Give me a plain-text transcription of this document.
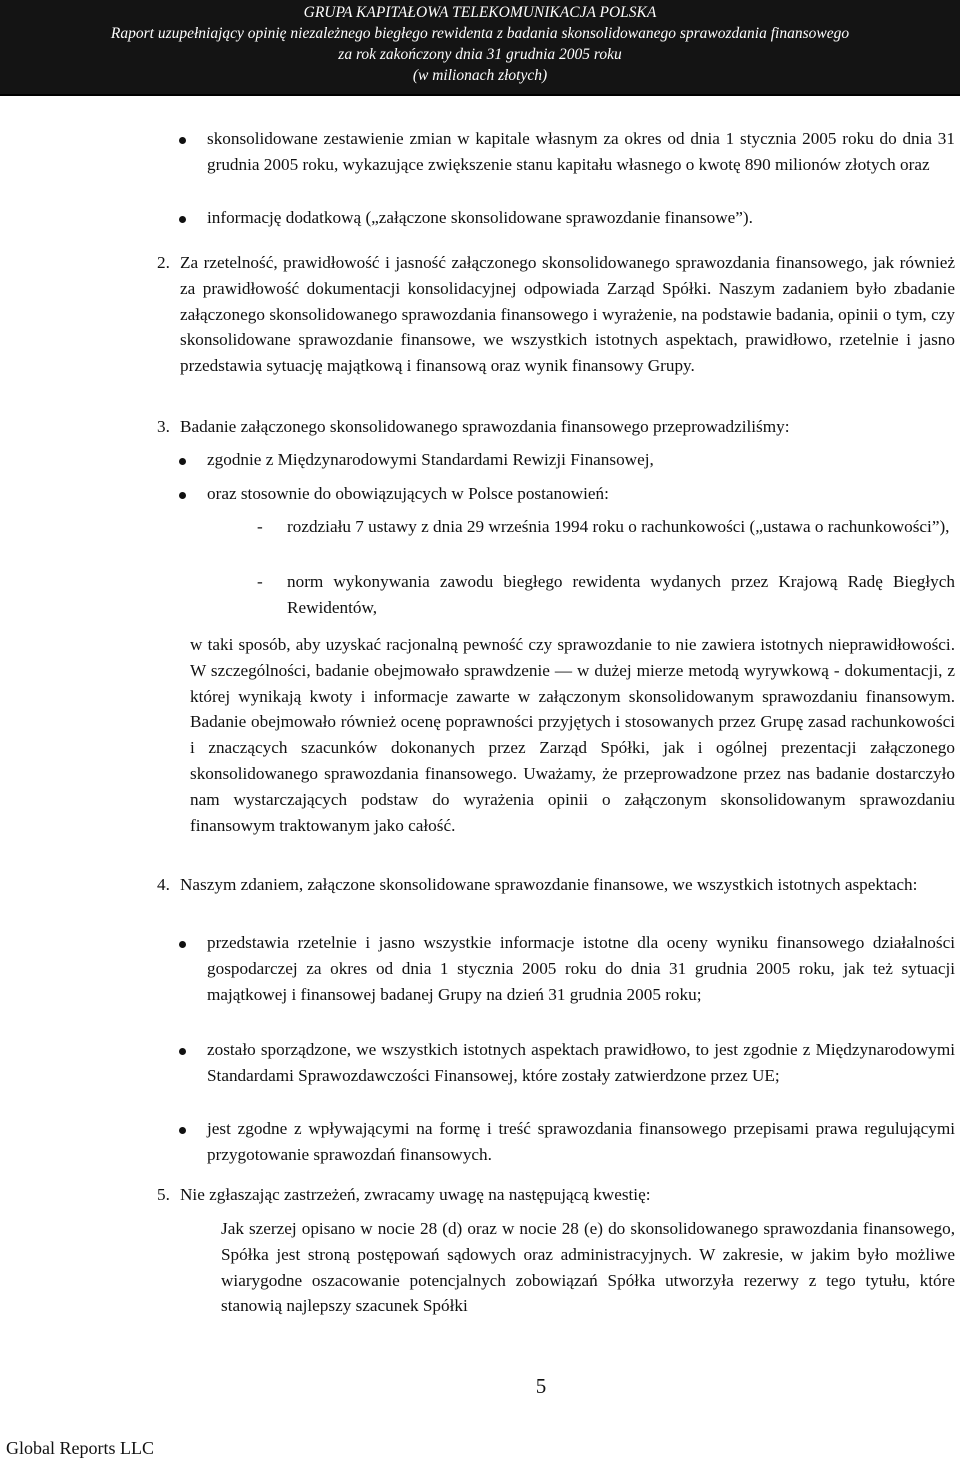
GRUPA KAPITAŁOWA TELEKOMUNIKACJA POLSKA
Raport uzupełniający opinię niezależnego biegłego rewidenta z badania skonsolidowanego sprawozdania finansowego
za rok zakończony dnia 31 grudnia 2005 roku
(w milionach złotych)
skonsolidowane zestawienie zmian w kapitale własnym za okres od dnia 1 stycznia 2005 roku do dnia 31 grudnia 2005 roku, wykazujące zwiększenie stanu kapitału własnego o kwotę 890 milionów złotych oraz
informację dodatkową („załączone skonsolidowane sprawozdanie finansowe”).
2. Za rzetelność, prawidłowość i jasność załączonego skonsolidowanego sprawozdania finansowego, jak również za prawidłowość dokumentacji konsolidacyjnej odpowiada Zarząd Spółki. Naszym zadaniem było zbadanie załączonego skonsolidowanego sprawozdania finansowego i wyrażenie, na podstawie badania, opinii o tym, czy skonsolidowane sprawozdanie finansowe, we wszystkich istotnych aspektach, prawidłowo, rzetelnie i jasno przedstawia sytuację majątkową i finansową oraz wynik finansowy Grupy.
3. Badanie załączonego skonsolidowanego sprawozdania finansowego przeprowadziliśmy:
zgodnie z Międzynarodowymi Standardami Rewizji Finansowej,
oraz stosownie do obowiązujących w Polsce postanowień:
- rozdziału 7 ustawy z dnia 29 września 1994 roku o rachunkowości („ustawa o rachunkowości”),
- norm wykonywania zawodu biegłego rewidenta wydanych przez Krajową Radę Biegłych Rewidentów,
w taki sposób, aby uzyskać racjonalną pewność czy sprawozdanie to nie zawiera istotnych nieprawidłowości. W szczególności, badanie obejmowało sprawdzenie — w dużej mierze metodą wyrywkową - dokumentacji, z której wynikają kwoty i informacje zawarte w załączonym skonsolidowanym sprawozdaniu finansowym. Badanie obejmowało również ocenę poprawności przyjętych i stosowanych przez Grupę zasad rachunkowości i znaczących szacunków dokonanych przez Zarząd Spółki, jak i ogólnej prezentacji załączonego skonsolidowanego sprawozdania finansowego. Uważamy, że przeprowadzone przez nas badanie dostarczyło nam wystarczających podstaw do wyrażenia opinii o załączonym skonsolidowanym sprawozdaniu finansowym traktowanym jako całość.
4. Naszym zdaniem, załączone skonsolidowane sprawozdanie finansowe, we wszystkich istotnych aspektach:
przedstawia rzetelnie i jasno wszystkie informacje istotne dla oceny wyniku finansowego działalności gospodarczej za okres od dnia 1 stycznia 2005 roku do dnia 31 grudnia 2005 roku, jak też sytuacji majątkowej i finansowej badanej Grupy na dzień 31 grudnia 2005 roku;
zostało sporządzone, we wszystkich istotnych aspektach prawidłowo, to jest zgodnie z Międzynarodowymi Standardami Sprawozdawczości Finansowej, które zostały zatwierdzone przez UE;
jest zgodne z wpływającymi na formę i treść sprawozdania finansowego przepisami prawa regulującymi przygotowanie sprawozdań finansowych.
5. Nie zgłaszając zastrzeżeń, zwracamy uwagę na następującą kwestię:
Jak szerzej opisano w nocie 28 (d) oraz w nocie 28 (e) do skonsolidowanego sprawozdania finansowego, Spółka jest stroną postępowań sądowych oraz administracyjnych. W zakresie, w jakim było możliwe wiarygodne oszacowanie potencjalnych zobowiązań Spółka utworzyła rezerwy z tego tytułu, które stanowią najlepszy szacunek Spółki
5
Global Reports LLC
